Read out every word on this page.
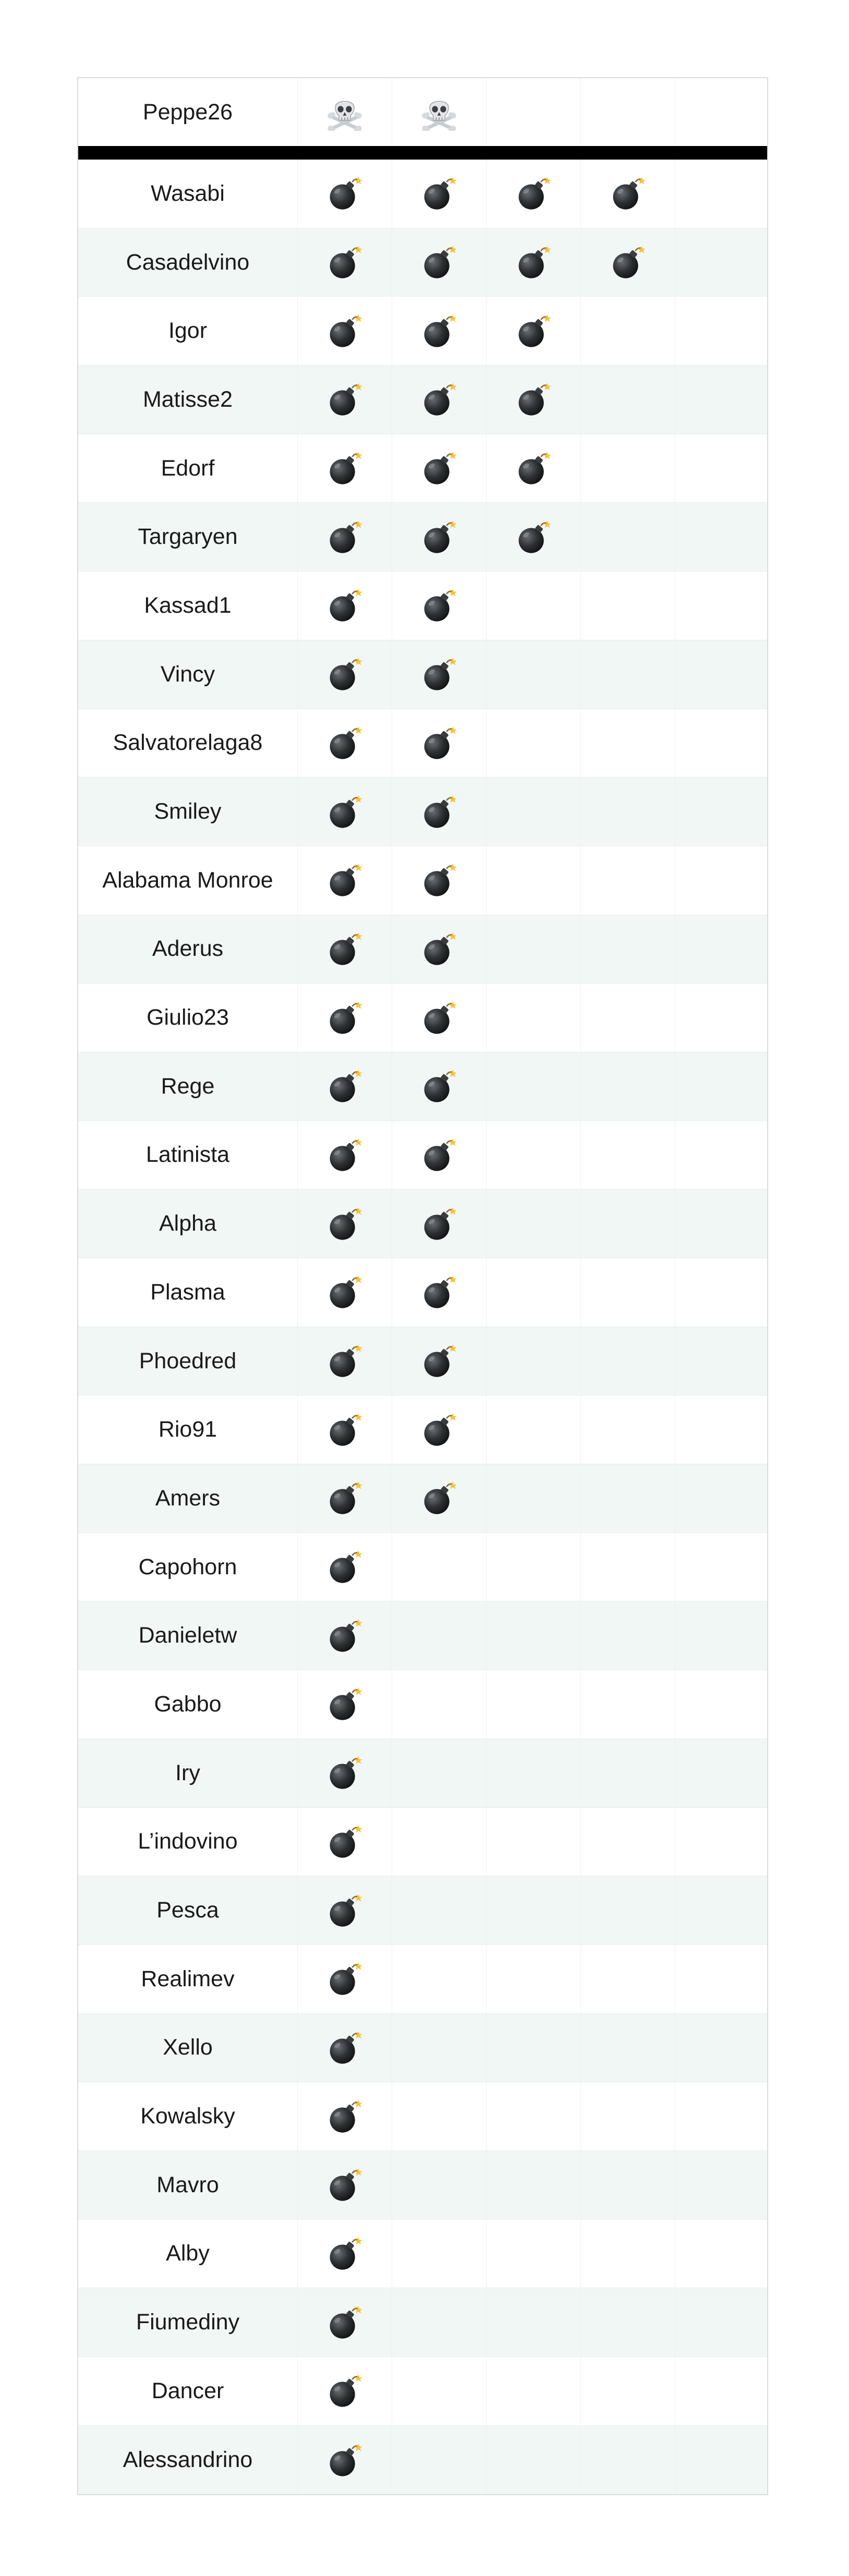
Peppe26
Wasabi
Casadelvino
Igor
Matisse2
Edorf
Targaryen
Kassad1
Vincy
Salvatorelaga8
Smiley
Alabama Monroe
Aderus
Giulio23
Rege
Latinista
Alpha
Plasma
Phoedred
Rio91
Amers
Capohorn
Danieletw
Gabbo
Iry
L’indovino
Pesca
Realimev
Xello
Kowalsky
Mavro
Alby
Fiumediny
Dancer
Alessandrino
